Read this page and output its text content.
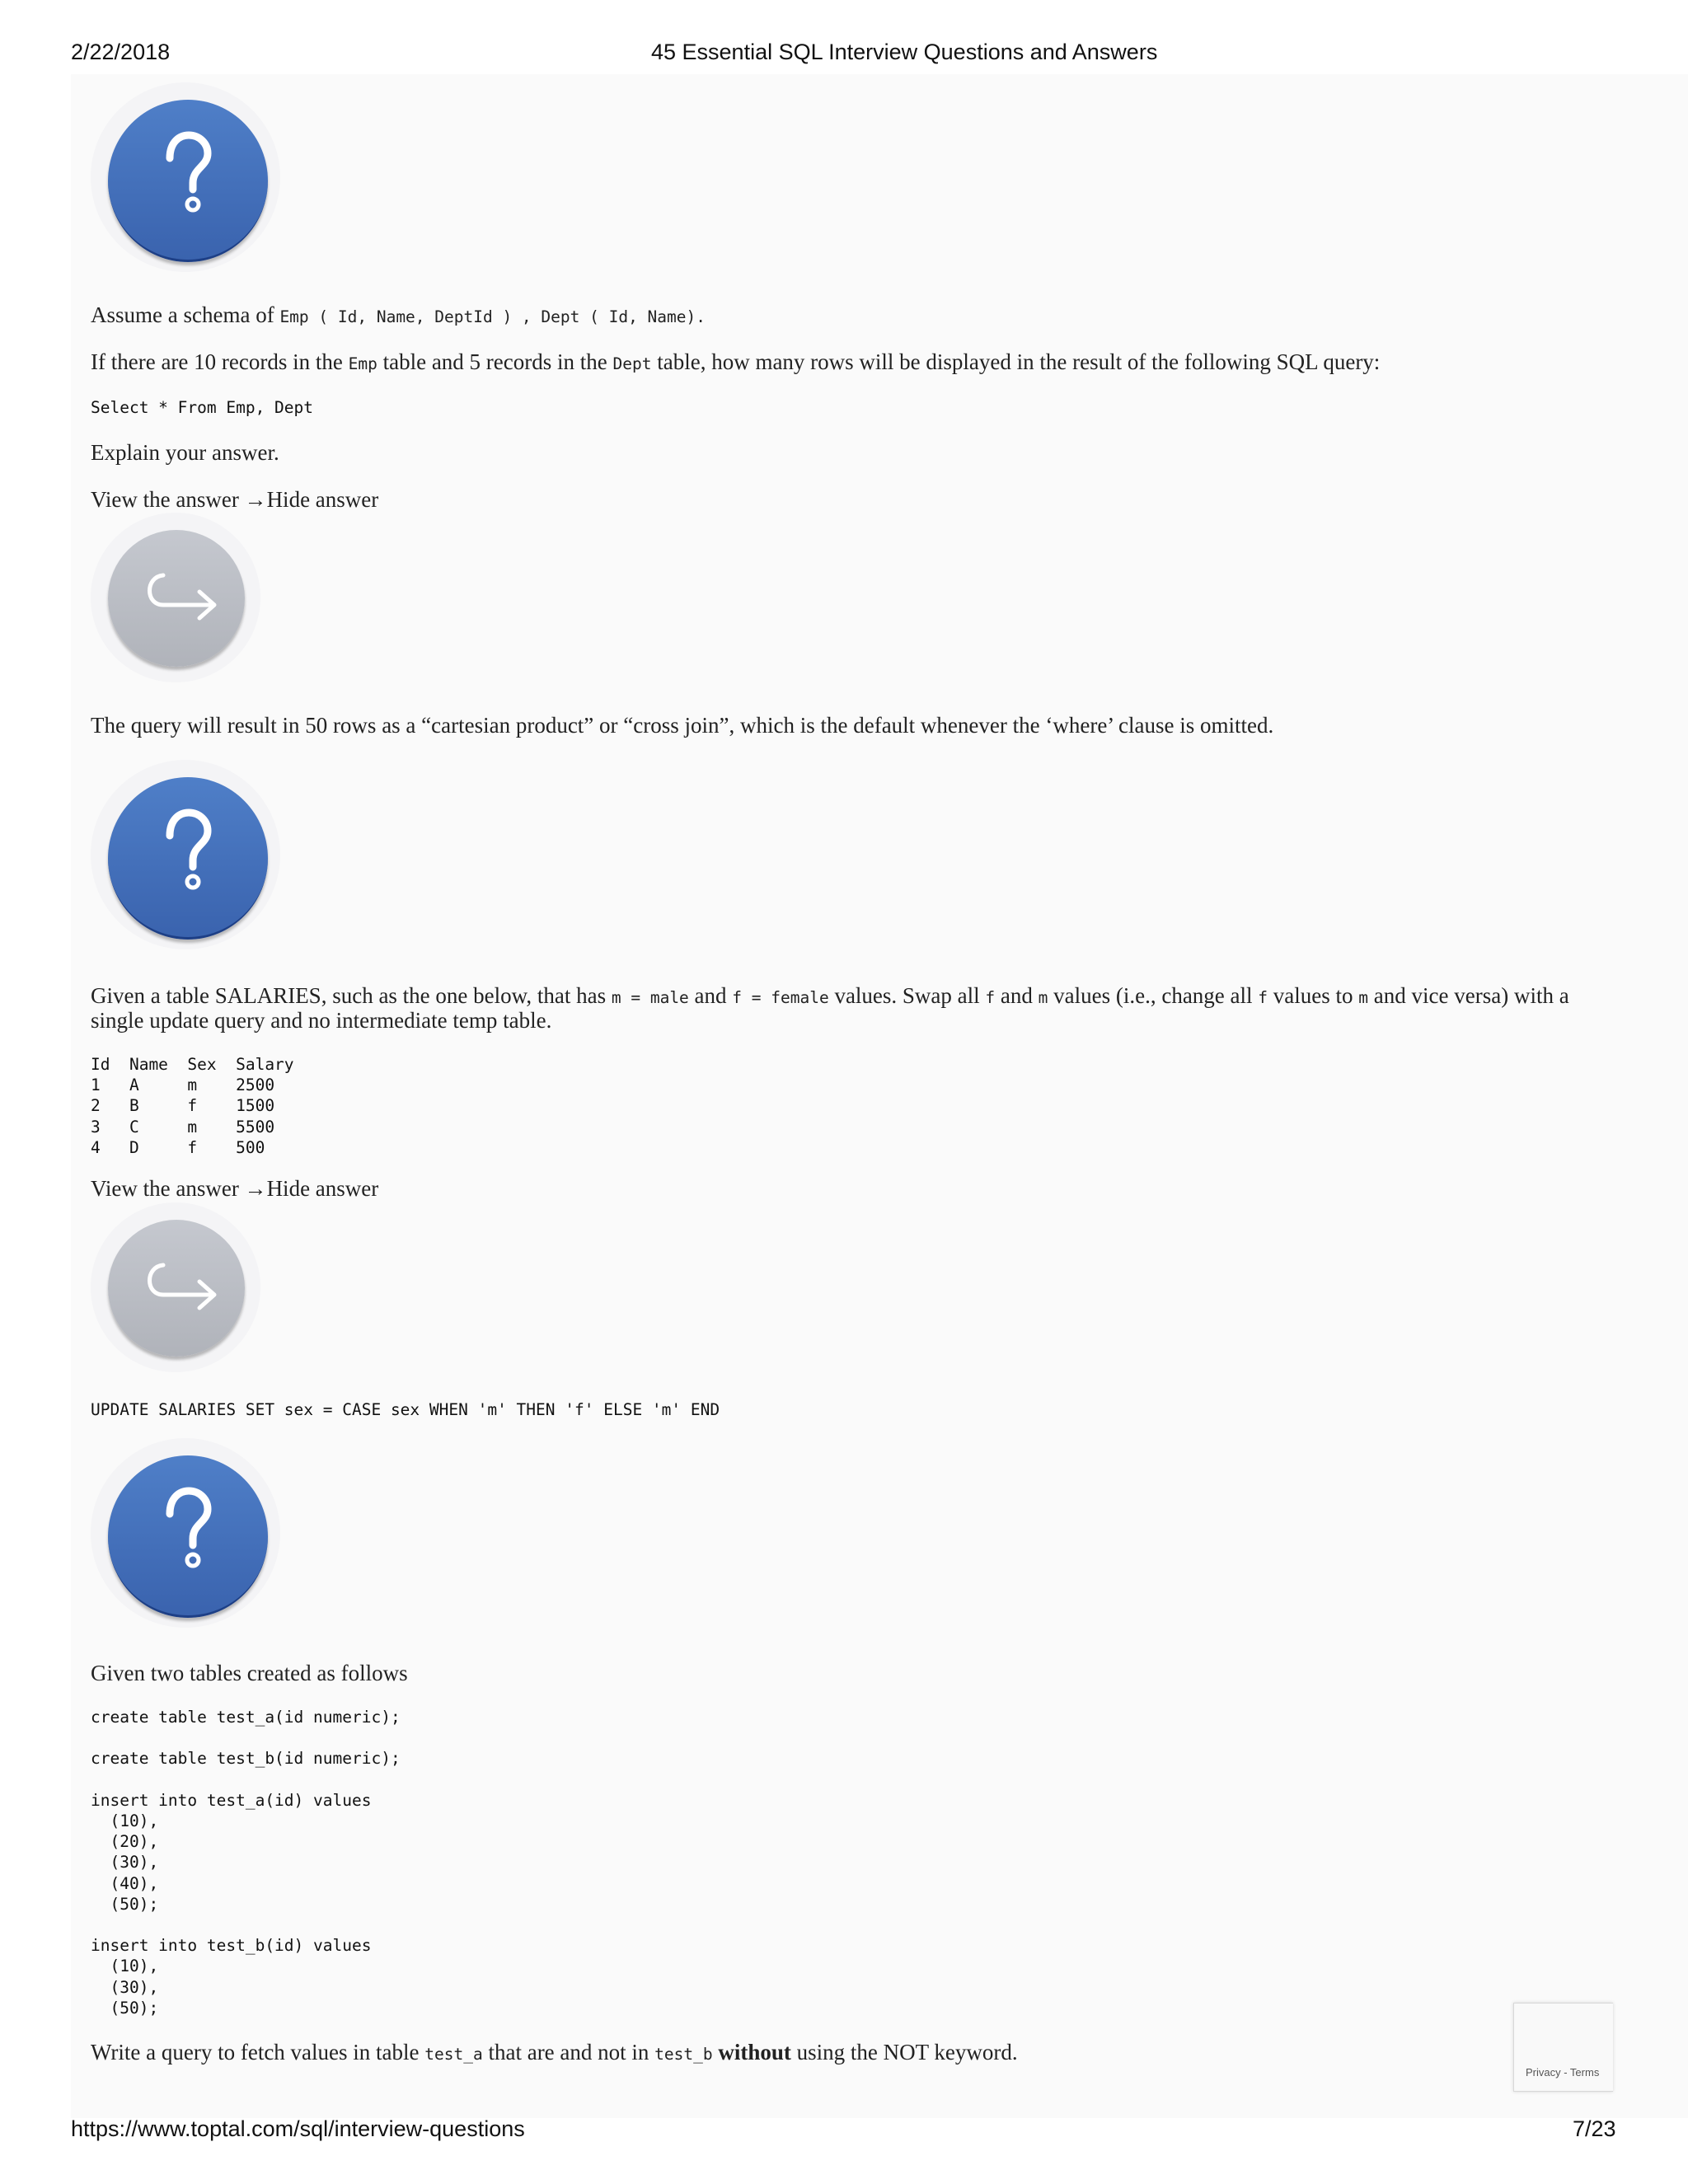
2/22/2018	45 Essential SQL Interview Questions and Answers
Assume a schema of Emp ( Id, Name, DeptId ) , Dept ( Id, Name).
If there are 10 records in the Emp table and 5 records in the Dept table, how many rows will be displayed in the result of the following SQL query:
Select * From Emp, Dept
Explain your answer.
View the answer →Hide answer
The query will result in 50 rows as a “cartesian product” or “cross join”, which is the default whenever the ‘where’ clause is omitted.
Given a table SALARIES, such as the one below, that has m = male and f = female values. Swap all f and m values (i.e., change all f values to m and vice versa) with a
single update query and no intermediate temp table.
Id  Name  Sex  Salary
1   A     m    2500
2   B     f    1500
3   C     m    5500
4   D     f    500
View the answer →Hide answer
UPDATE SALARIES SET sex = CASE sex WHEN 'm' THEN 'f' ELSE 'm' END
Given two tables created as follows
create table test_a(id numeric);

create table test_b(id numeric);

insert into test_a(id) values
(10),
(20),
(30),
(40),
(50);

insert into test_b(id) values
(10),
(30),
(50);
Write a query to fetch values in table test_a that are and not in test_b without using the NOT keyword.
Privacy - Terms
https://www.toptal.com/sql/interview-questions	7/23
